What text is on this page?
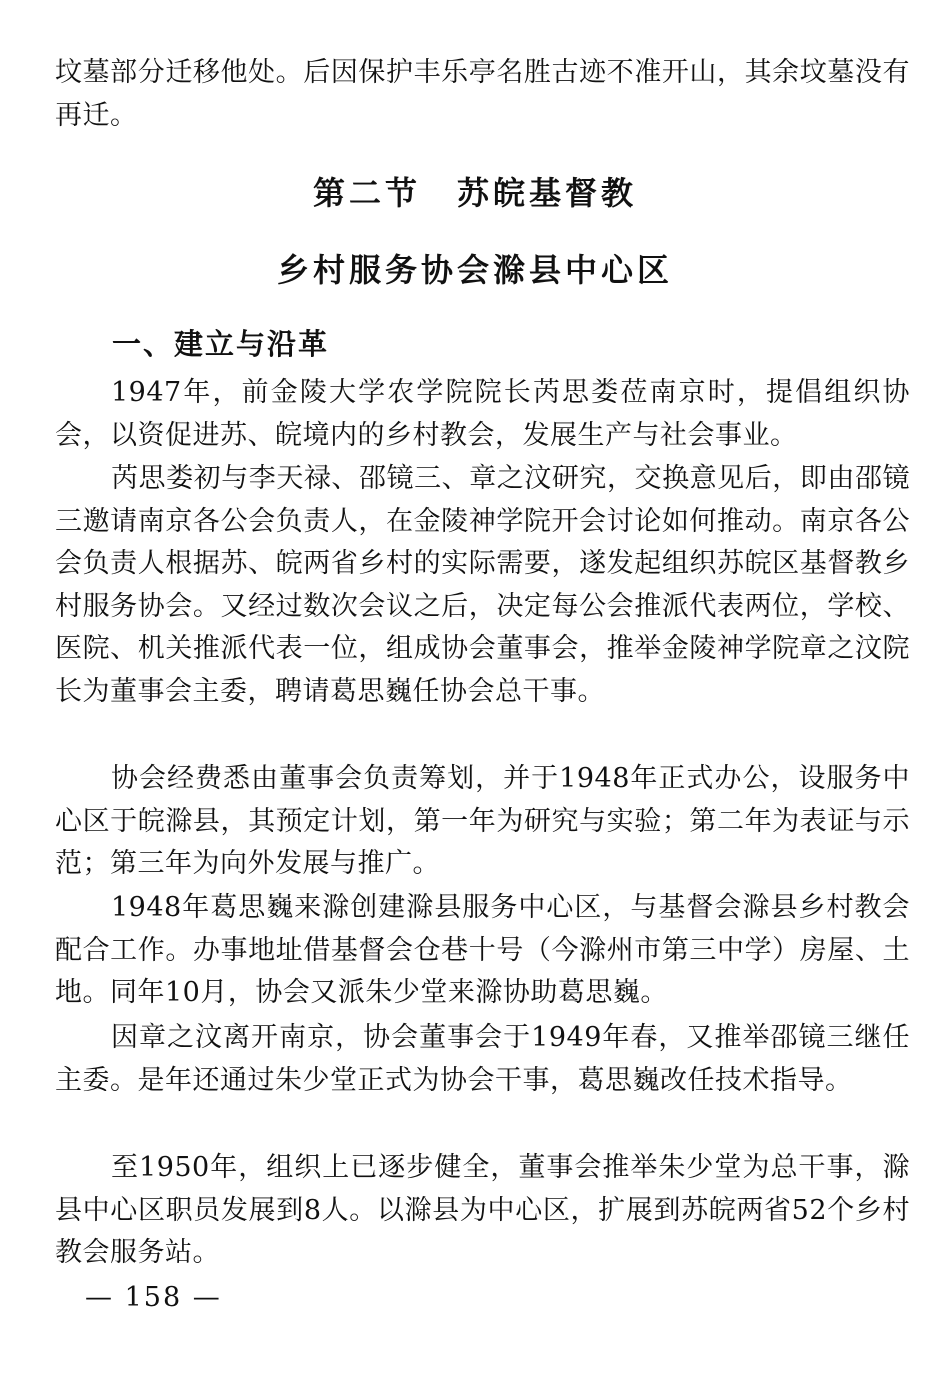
坟墓部分迁移他处。后因保护丰乐亭名胜古迹不准开山，其余坟墓没有再迁。

第二节　苏皖基督教
乡村服务协会滁县中心区
一、建立与沿革

1947年，前金陵大学农学院院长芮思娄莅南京时，提倡组织协会，以资促进苏、皖境内的乡村教会，发展生产与社会事业。

芮思娄初与李天禄、邵镜三、章之汶研究，交换意见后，即由邵镜三邀请南京各公会负责人，在金陵神学院开会讨论如何推动。南京各公会负责人根据苏、皖两省乡村的实际需要，遂发起组织苏皖区基督教乡村服务协会。又经过数次会议之后，决定每公会推派代表两位，学校、医院、机关推派代表一位，组成协会董事会，推举金陵神学院章之汶院长为董事会主委，聘请葛思巍任协会总干事。

协会经费悉由董事会负责筹划，并于1948年正式办公，设服务中心区于皖滁县，其预定计划，第一年为研究与实验；第二年为表证与示范；第三年为向外发展与推广。

1948年葛思巍来滁创建滁县服务中心区，与基督会滁县乡村教会配合工作。办事地址借基督会仓巷十号（今滁州市第三中学）房屋、土地。同年10月，协会又派朱少堂来滁协助葛思巍。

因章之汶离开南京，协会董事会于1949年春，又推举邵镜三继任主委。是年还通过朱少堂正式为协会干事，葛思巍改任技术指导。

至1950年，组织上已逐步健全，董事会推举朱少堂为总干事，滁县中心区职员发展到8人。以滁县为中心区，扩展到苏皖两省52个乡村教会服务站。

— 158 —
